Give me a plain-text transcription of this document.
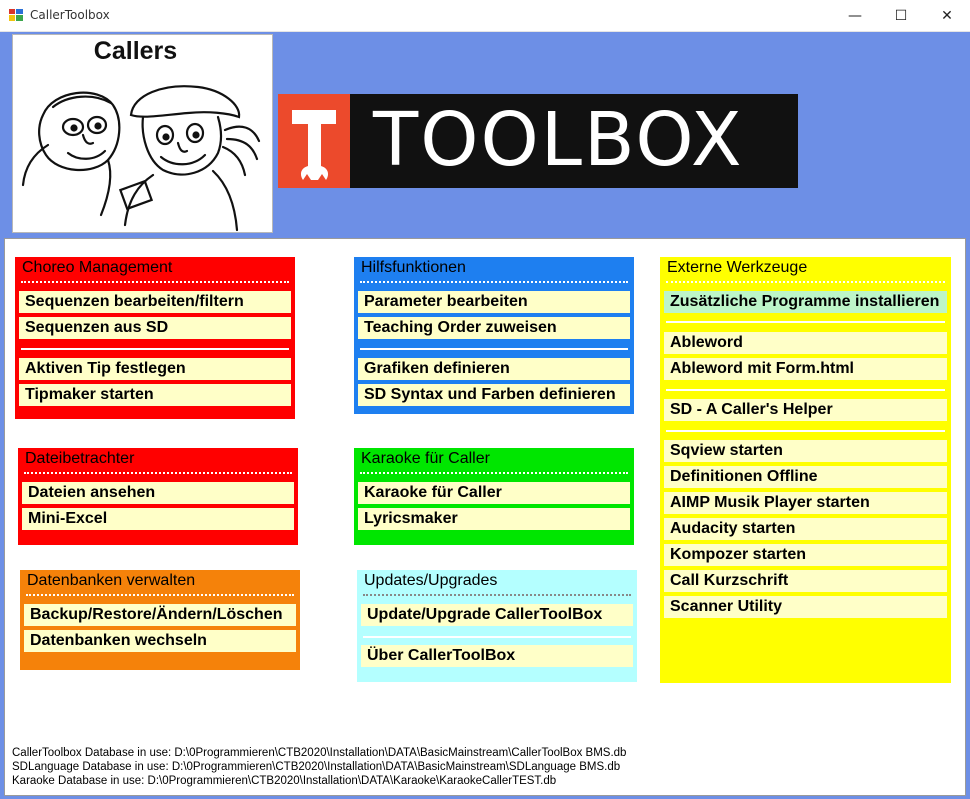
CallerToolbox	— ☐ ✕
Callers
TOOLBOX
Choreo Management
Sequenzen bearbeiten/filtern
Sequenzen aus SD
Aktiven Tip festlegen
Tipmaker starten
Dateibetrachter
Dateien ansehen
Mini-Excel
Datenbanken verwalten
Backup/Restore/Ändern/Löschen
Datenbanken wechseln
Hilfsfunktionen
Parameter bearbeiten
Teaching Order zuweisen
Grafiken definieren
SD Syntax und Farben definieren
Karaoke für Caller
Karaoke für Caller
Lyricsmaker
Updates/Upgrades
Update/Upgrade CallerToolBox
Über CallerToolBox
Externe Werkzeuge
Zusätzliche Programme installieren
Ableword
Ableword mit Form.html
SD - A Caller's Helper
Sqview starten
Definitionen Offline
AIMP Musik Player starten
Audacity starten
Kompozer starten
Call Kurzschrift
Scanner Utility
CallerToolbox Database in use: D:\0Programmieren\CTB2020\Installation\DATA\BasicMainstream\CallerToolBox BMS.db
SDLanguage Database in use: D:\0Programmieren\CTB2020\Installation\DATA\BasicMainstream\SDLanguage BMS.db
Karaoke Database in use: D:\0Programmieren\CTB2020\Installation\DATA\Karaoke\KaraokeCallerTEST.db
